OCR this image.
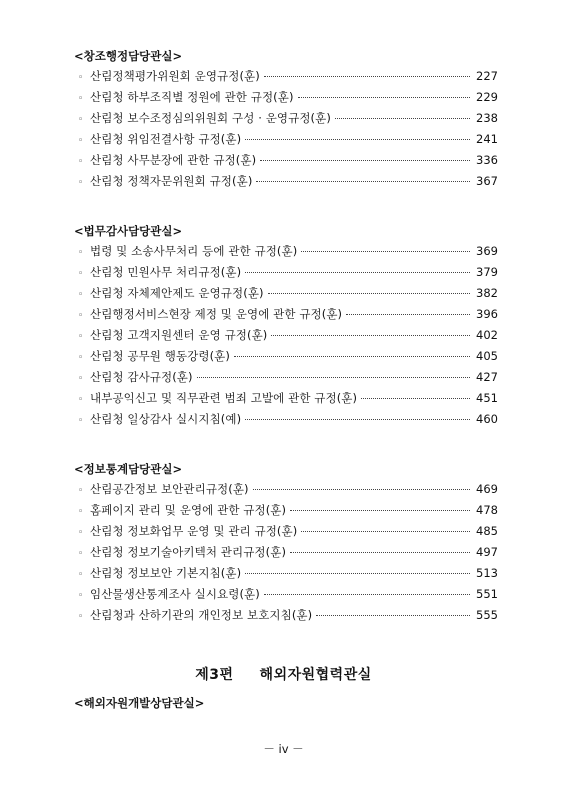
<창조행정담당관실>
◦ 산림정책평가위원회 운영규정(훈)	227
◦ 산림청 하부조직별 정원에 관한 규정(훈)	229
◦ 산림청 보수조정심의위원회 구성 · 운영규정(훈)	238
◦ 산림청 위임전결사항 규정(훈)	241
◦ 산림청 사무분장에 관한 규정(훈)	336
◦ 산림청 정책자문위원회 규정(훈)	367
<법무감사담당관실>
◦ 법령 및 소송사무처리 등에 관한 규정(훈)	369
◦ 산림청 민원사무 처리규정(훈)	379
◦ 산림청 자체제안제도 운영규정(훈)	382
◦ 산림행정서비스현장 제정 및 운영에 관한 규정(훈)	396
◦ 산림청 고객지원센터 운영 규정(훈)	402
◦ 산림청 공무원 행동강령(훈)	405
◦ 산림청 감사규정(훈)	427
◦ 내부공익신고 및 직무관련 범죄 고발에 관한 규정(훈)	451
◦ 산림청 일상감사 실시지침(예)	460
<정보통계담당관실>
◦ 산림공간정보 보안관리규정(훈)	469
◦ 홈페이지 관리 및 운영에 관한 규정(훈)	478
◦ 산림청 정보화업무 운영 및 관리 규정(훈)	485
◦ 산림청 정보기술아키텍처 관리규정(훈)	497
◦ 산림청 정보보안 기본지침(훈)	513
◦ 임산물생산통계조사 실시요령(훈)	551
◦ 산림청과 산하기관의 개인정보 보호지침(훈)	555
제3편 해외자원협력관실
<해외자원개발상담관실>
－ iv －
